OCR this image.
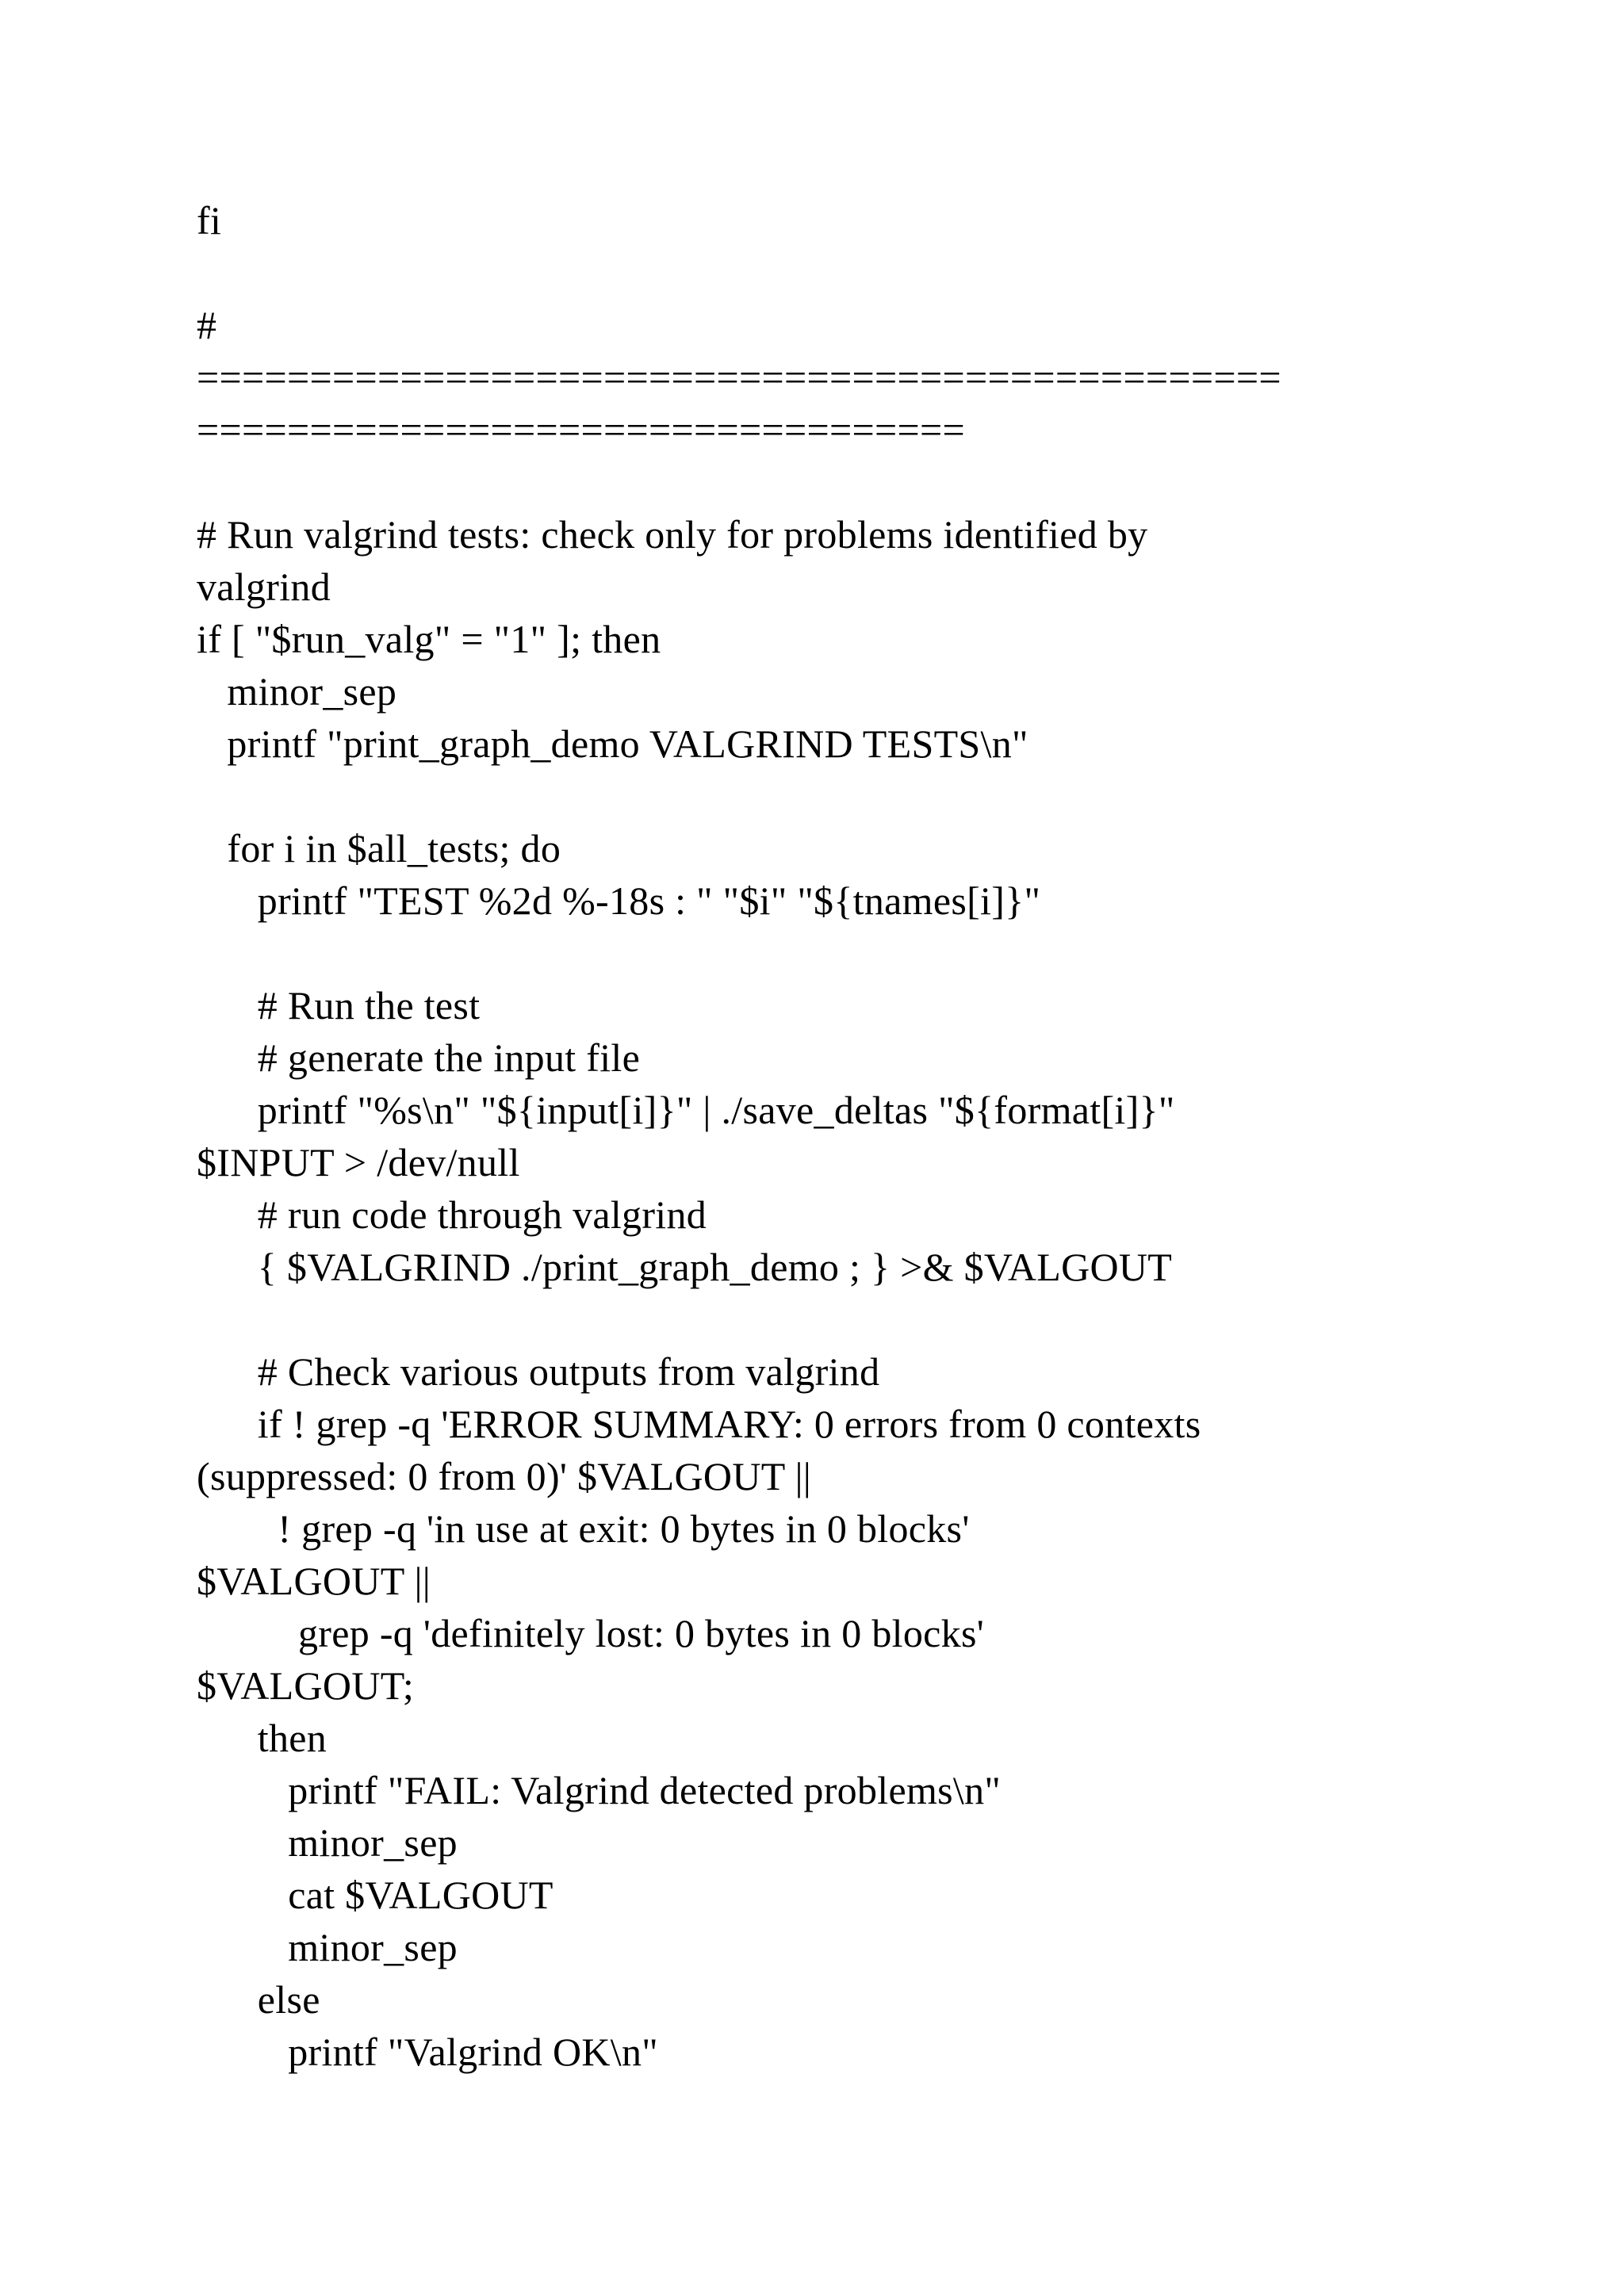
fi
#
================================================
==================================
# Run valgrind tests: check only for problems identified by
valgrind
if [ "$run_valg" = "1" ]; then
minor_sep
printf "print_graph_demo VALGRIND TESTS\n"
for i in $all_tests; do
printf "TEST %2d %-18s : " "$i" "${tnames[i]}"
# Run the test
# generate the input file
printf "%s\n" "${input[i]}" | ./save_deltas "${format[i]}"
$INPUT > /dev/null
# run code through valgrind
{ $VALGRIND ./print_graph_demo ; } >& $VALGOUT
# Check various outputs from valgrind
if ! grep -q 'ERROR SUMMARY: 0 errors from 0 contexts
(suppressed: 0 from 0)' $VALGOUT ||
! grep -q 'in use at exit: 0 bytes in 0 blocks'
$VALGOUT ||
grep -q 'definitely lost: 0 bytes in 0 blocks'
$VALGOUT;
then
printf "FAIL: Valgrind detected problems\n"
minor_sep
cat $VALGOUT
minor_sep
else
printf "Valgrind OK\n"
